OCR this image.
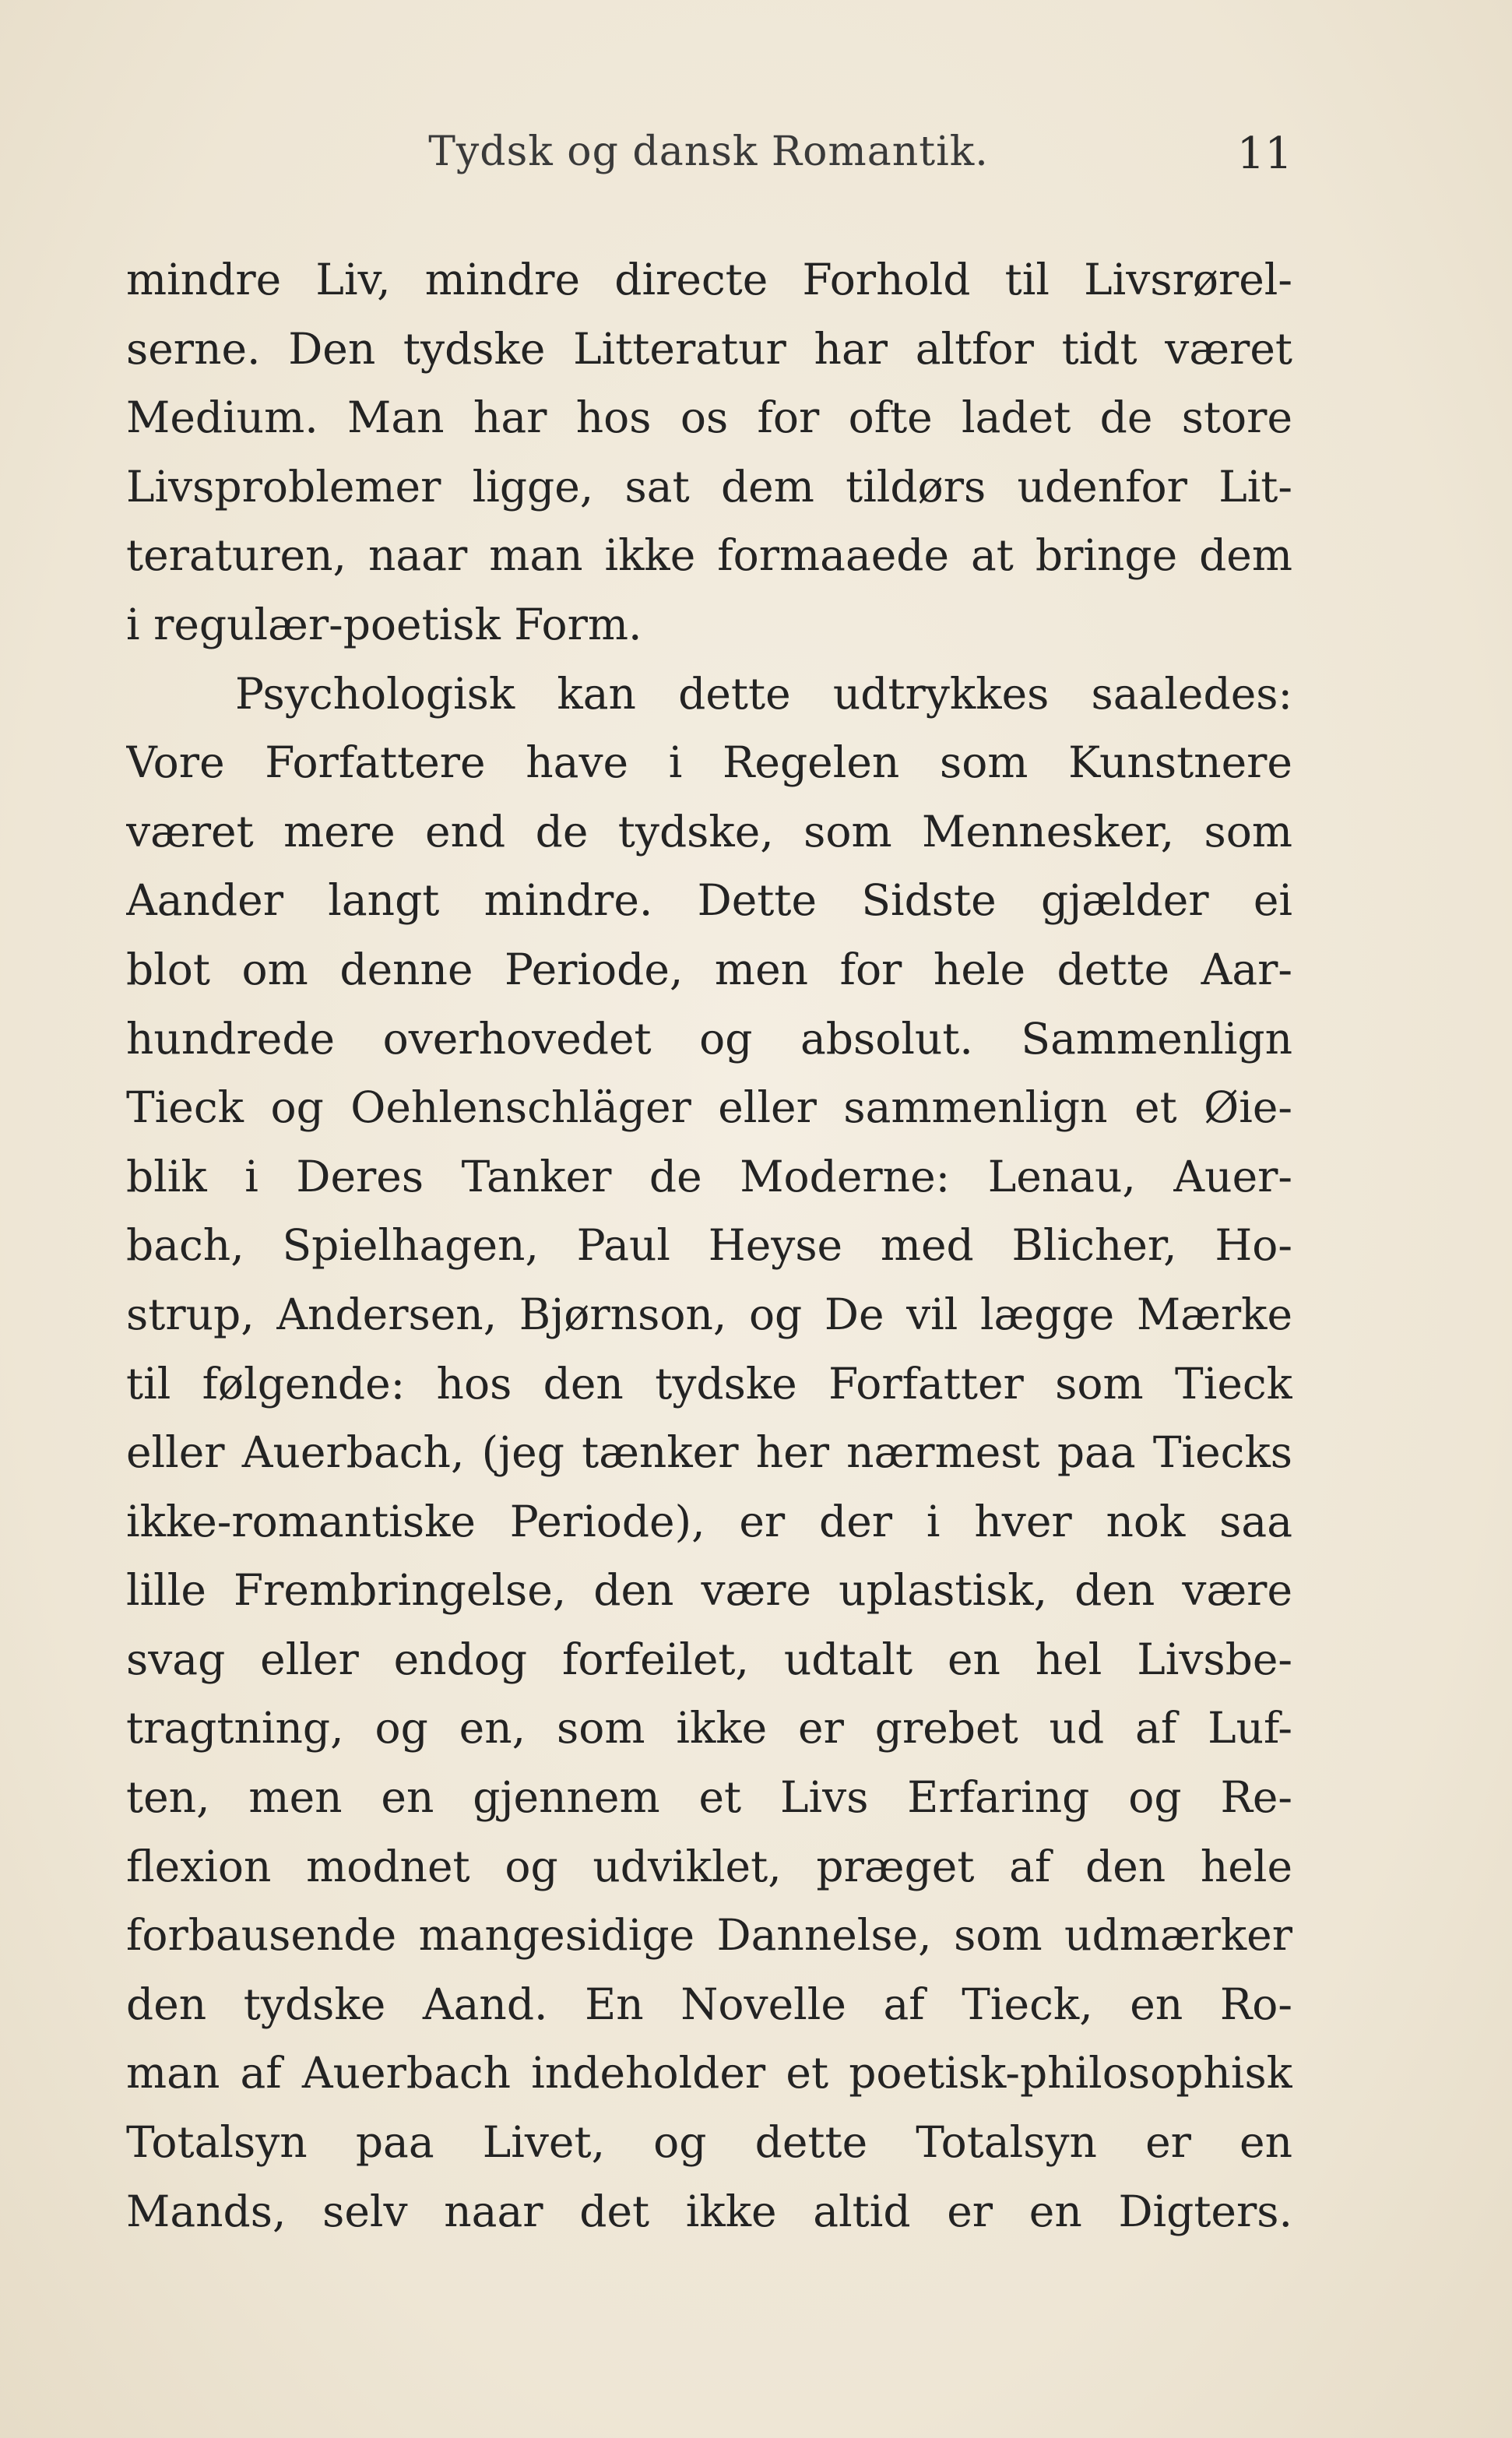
Tydsk og dansk Romantik.	11
mindre Liv, mindre directe Forhold til Livsrørel-
serne. Den tydske Litteratur har altfor tidt været
Medium. Man har hos os for ofte ladet de store
Livsproblemer ligge, sat dem tildørs udenfor Lit-
teraturen, naar man ikke formaaede at bringe dem
i regulær-poetisk Form.
Psychologisk kan dette udtrykkes saaledes:
Vore Forfattere have i Regelen som Kunstnere
været mere end de tydske, som Mennesker, som
Aander langt mindre. Dette Sidste gjælder ei
blot om denne Periode, men for hele dette Aar-
hundrede overhovedet og absolut. Sammenlign
Tieck og Oehlenschläger eller sammenlign et Øie-
blik i Deres Tanker de Moderne: Lenau, Auer-
bach, Spielhagen, Paul Heyse med Blicher, Ho-
strup, Andersen, Bjørnson, og De vil lægge Mærke
til følgende: hos den tydske Forfatter som Tieck
eller Auerbach, (jeg tænker her nærmest paa Tiecks
ikke-romantiske Periode), er der i hver nok saa
lille Frembringelse, den være uplastisk, den være
svag eller endog forfeilet, udtalt en hel Livsbe-
tragtning, og en, som ikke er grebet ud af Luf-
ten, men en gjennem et Livs Erfaring og Re-
flexion modnet og udviklet, præget af den hele
forbausende mangesidige Dannelse, som udmærker
den tydske Aand. En Novelle af Tieck, en Ro-
man af Auerbach indeholder et poetisk-philosophisk
Totalsyn paa Livet, og dette Totalsyn er en
Mands, selv naar det ikke altid er en Digters.
